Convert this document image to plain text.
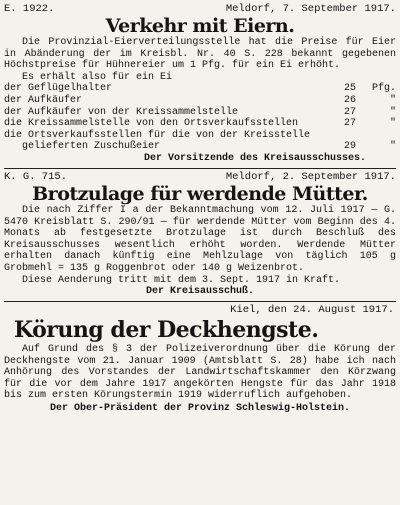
E. 1922.	Meldorf, 7. September 1917.
Verkehr mit Eiern.
Die Provinzial-Eierverteilungsstelle hat die Preise für Eier in Abänderung der im Kreisbl. Nr. 40 S. 228 bekannt gegebenen Höchstpreise für Hühnereier um 1 Pfg. für ein Ei erhöht.
Es erhält also für ein Ei
der Geflügelhalter	25	Pfg.
der Aufkäufer	26	"
der Aufkäufer von der Kreissammelstelle	27	"
die Kreissammelstelle von den Ortsverkaufsstellen	27	"
die Ortsverkaufsstellen für die von der Kreisstelle
gelieferten Zuschußeier	29	"
Der Vorsitzende des Kreisausschusses.
K. G. 715.	Meldorf, 2. September 1917.
Brotzulage für werdende Mütter.
Die nach Ziffer I a der Bekanntmachung vom 12. Juli 1917 — G. 5470 Kreisblatt S. 290/91 — für werdende Mütter vom Beginn des 4. Monats ab festgesetzte Brotzulage ist durch Beschluß des Kreisausschusses wesentlich erhöht worden. Werdende Mütter erhalten danach künftig eine Mehlzulage von täglich 105 g Grobmehl = 135 g Roggenbrot oder 140 g Weizenbrot.
Diese Aenderung tritt mit dem 3. Sept. 1917 in Kraft.
Der Kreisausschuß.
Kiel, den 24. August 1917.
Körung der Deckhengste.
Auf Grund des § 3 der Polizeiverordnung über die Körung der Deckhengste vom 21. Januar 1909 (Amtsblatt S. 28) habe ich nach Anhörung des Vorstandes der Landwirtschaftskammer den Körzwang für die vor dem Jahre 1917 angekörten Hengste für das Jahr 1918 bis zum ersten Körungstermin 1919 widerruflich aufgehoben.
Der Ober-Präsident der Provinz Schleswig-Holstein.
